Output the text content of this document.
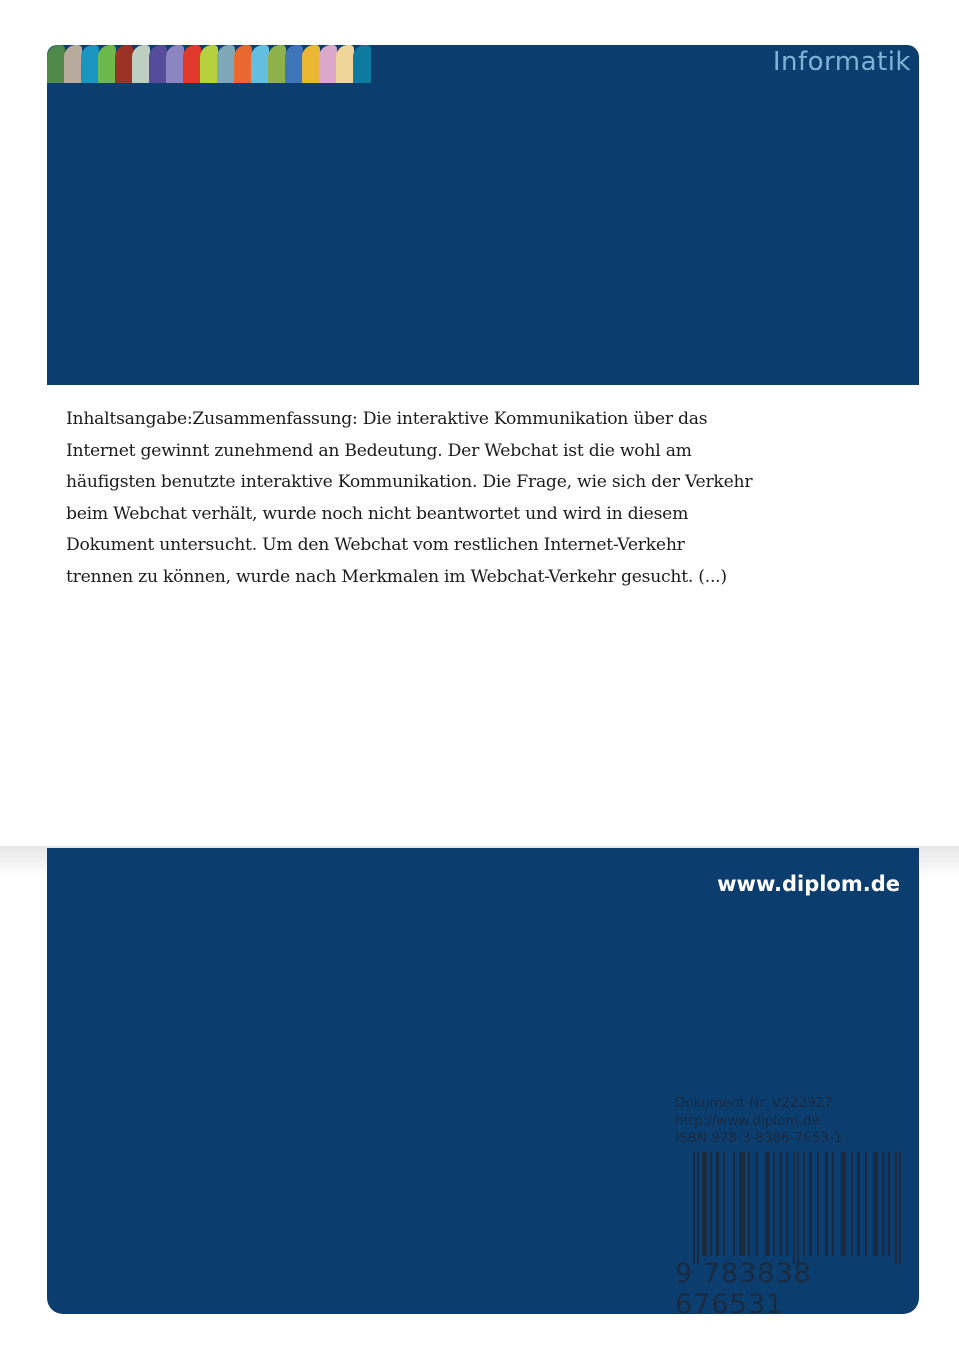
Informatik
Inhaltsangabe:Zusammenfassung: Die interaktive Kommunikation über das
Internet gewinnt zunehmend an Bedeutung. Der Webchat ist die wohl am
häufigsten benutzte interaktive Kommunikation. Die Frage, wie sich der Verkehr
beim Webchat verhält, wurde noch nicht beantwortet und wird in diesem
Dokument untersucht. Um den Webchat vom restlichen Internet-Verkehr
trennen zu können, wurde nach Merkmalen im Webchat-Verkehr gesucht. (...)
www.diplom.de
Dokument Nr. V222927
http://www.diplom.de
ISBN 978-3-8386-7653-1
9 783838 676531
